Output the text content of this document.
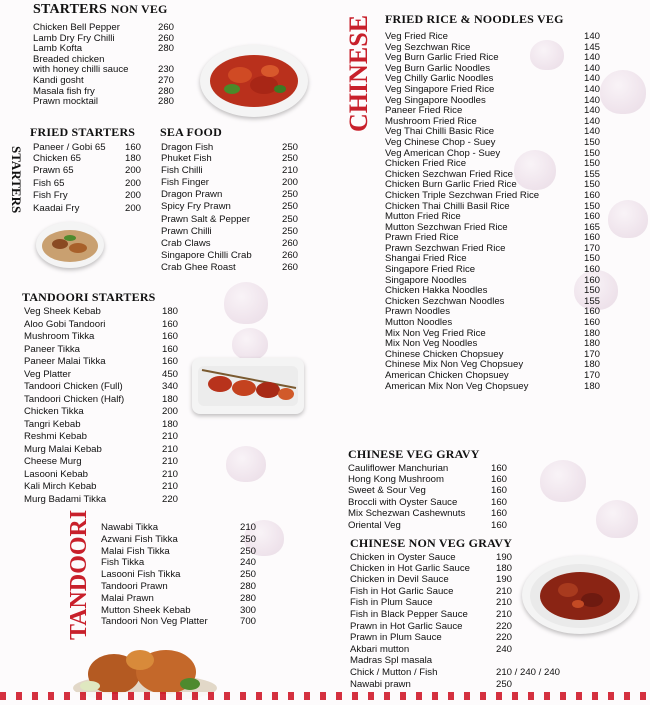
STARTERS NON VEG
Chicken Bell Pepper	260
Lamb Dry Fry Chilli	260
Lamb Kofta	280
Breaded chicken
with honey chilli sauce	230
Kandi gosht	270
Masala fish fry	280
Prawn mocktail	280
FRIED STARTERS
Paneer / Gobi 65 160
Chicken 65	180
Prawn 65	200
Fish 65	200
Fish Fry	200
Kaadai Fry	200
STARTERS
SEA FOOD
Dragon Fish	250
Phuket Fish	250
Fish Chilli	210
Fish Finger	200
Dragon Prawn	250
Spicy Fry Prawn	250
Prawn Salt & Pepper	250
Prawn Chilli	250
Crab Claws	260
Singapore Chilli Crab	260
Crab Ghee Roast	260
TANDOORI STARTERS
Veg Sheek Kebab	180
Aloo Gobi Tandoori	160
Mushroom Tikka	160
Paneer Tikka	160
Paneer Malai Tikka	160
Veg Platter	450
Tandoori Chicken (Full)	340
Tandoori Chicken (Half)	180
Chicken Tikka	200
Tangri Kebab	180
Reshmi Kebab	210
Murg Malai Kebab	210
Cheese Murg	210
Lasooni Kebab	210
Kali Mirch Kebab	210
Murg Badami Tikka	220
TANDOORI Nawabi Tikka	210
Azwani Fish Tikka	250
Malai Fish Tikka	250
Fish Tikka	240
Lasooni Fish Tikka	250
Tandoori Prawn	280
Malai Prawn	280
Mutton Sheek Kebab	300
Tandoori Non Veg Platter	700
CHINESE FRIED RICE & NOODLES VEG
Veg Fried Rice	140
Veg Sezchwan Rice	145
Veg Burn Garlic Fried Rice	140
Veg Burn Garlic Noodles	140
Veg Chilly Garlic Noodles	140
Veg Singapore Fried Rice	140
Veg Singapore Noodles	140
Paneer Fried Rice	140
Mushroom Fried Rice	140
Veg Thai Chilli Basic Rice	140
Veg Chinese Chop - Suey	150
Veg American Chop - Suey	150
Chicken Fried Rice	150
Chicken Sezchwan Fried Rice	155
Chicken Burn Garlic Fried Rice	150
Chicken Triple Sezchwan Fried Rice	160
Chicken Thai Chilli Basil Rice	150
Mutton Fried Rice	160
Mutton Sezchwan Fried Rice	165
Prawn Fried Rice	160
Prawn Sezchwan Fried Rice	170
Shangai Fried Rice	150
Singapore Fried Rice	160
Singapore Noodles	160
Chicken Hakka Noodles	150
Chicken Sezchwan Noodles	155
Prawn Noodles	160
Mutton Noodles	160
Mix Non Veg Fried Rice	180
Mix Non Veg Noodles	180
Chinese Chicken Chopsuey	170
Chinese Mix Non Veg Chopsuey	180
American Chicken Chopsuey	170
American Mix Non Veg Chopsuey	180
CHINESE VEG GRAVY
Cauliflower Manchurian	160
Hong Kong Mushroom	160
Sweet & Sour Veg	160
Broccli with Oyster Sauce	160
Mix Schezwan Cashewnuts	160
Oriental Veg	160
CHINESE NON VEG GRAVY
Chicken in Oyster Sauce	190
Chicken in Hot Garlic Sauce	180
Chicken in Devil Sauce	190
Fish in Hot Garlic Sauce	210
Fish in Plum Sauce	210
Fish in Black Pepper Sauce	210
Prawn in Hot Garlic Sauce	220
Prawn in Plum Sauce	220
Akbari mutton	240
Madras Spl masala
Chick / Mutton / Fish	210 / 240 / 240
Nawabi prawn	250
